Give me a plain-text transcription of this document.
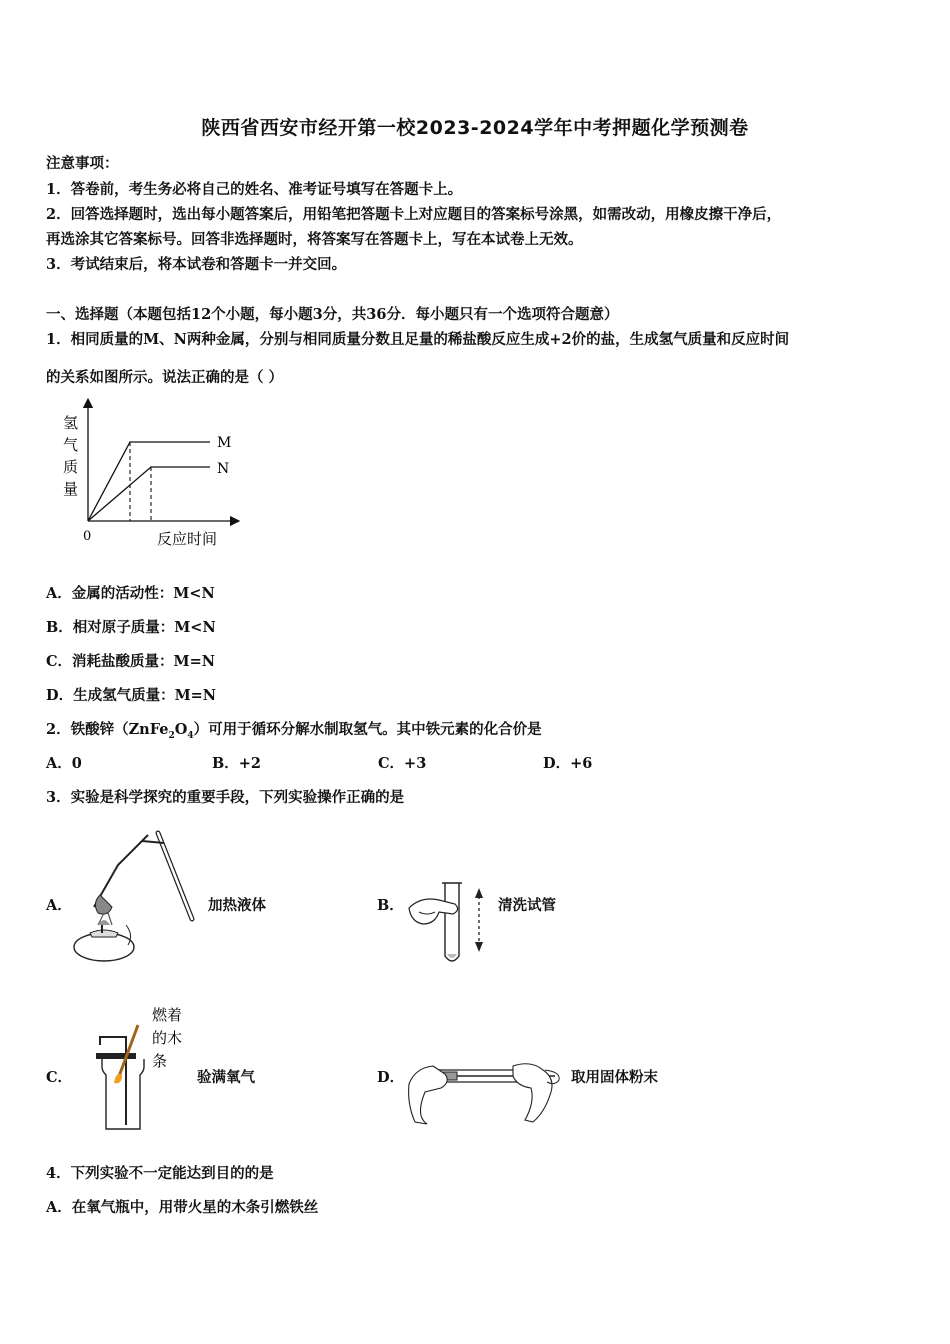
陕西省西安市经开第一校2023-2024学年中考押题化学预测卷
注意事项：
1．答卷前，考生务必将自己的姓名、准考证号填写在答题卡上。
2．回答选择题时，选出每小题答案后，用铅笔把答题卡上对应题目的答案标号涂黑，如需改动，用橡皮擦干净后，
再选涂其它答案标号。回答非选择题时，将答案写在答题卡上，写在本试卷上无效。
3．考试结束后，将本试卷和答题卡一并交回。
一、选择题（本题包括12个小题，每小题3分，共36分．每小题只有一个选项符合题意）
1．相同质量的M、N两种金属，分别与相同质量分数且足量的稀盐酸反应生成+2价的盐，生成氢气质量和反应时间
的关系如图所示。说法正确的是（ ）
氢
气
质
量
M
N
0	反应时间
A．金属的活动性：M<N
B．相对原子质量：M<N
C．消耗盐酸质量：M=N
D．生成氢气质量：M=N
2．铁酸锌$(ZnFe_2O_4)$可用于循环分解水制取氢气。其中铁元素的化合价是
A．0	B．+2	C．+3	D．+6
3．实验是科学探究的重要手段，下列实验操作正确的是
A．	加热液体	B．	清洗试管
C．
燃着
的木
条
验满氧气	D．	取用固体粉末
4．下列实验不一定能达到目的的是
A．在氧气瓶中，用带火星的木条引燃铁丝
